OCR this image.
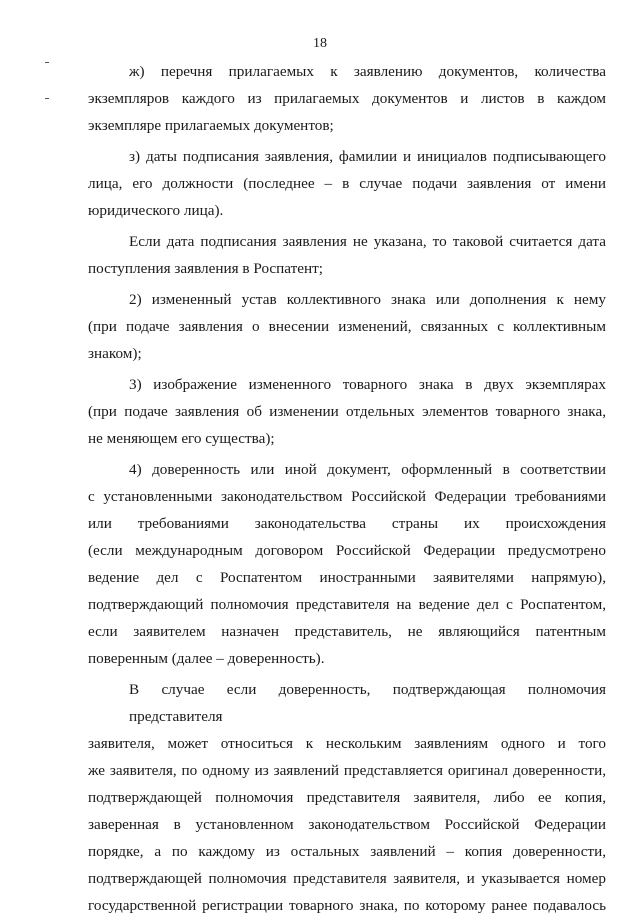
18

ж) перечня прилагаемых к заявлению документов, количества
экземпляров каждого из прилагаемых документов и листов в каждом
экземпляре прилагаемых документов;

з) даты подписания заявления, фамилии и инициалов подписывающего
лица, его должности (последнее – в случае подачи заявления от имени
юридического лица).

Если дата подписания заявления не указана, то таковой считается дата
поступления заявления в Роспатент;

2) измененный устав коллективного знака или дополнения к нему
(при подаче заявления о внесении изменений, связанных с коллективным
знаком);

3) изображение измененного товарного знака в двух экземплярах
(при подаче заявления об изменении отдельных элементов товарного знака,
не меняющем его существа);

4) доверенность или иной документ, оформленный в соответствии
с установленными законодательством Российской Федерации требованиями
или требованиями законодательства страны их происхождения
(если международным договором Российской Федерации предусмотрено
ведение дел с Роспатентом иностранными заявителями напрямую),
подтверждающий полномочия представителя на ведение дел с Роспатентом,
если заявителем назначен представитель, не являющийся патентным
поверенным (далее – доверенность).

В случае если доверенность, подтверждающая полномочия представителя
заявителя, может относиться к нескольким заявлениям одного и того
же заявителя, по одному из заявлений представляется оригинал доверенности,
подтверждающей полномочия представителя заявителя, либо ее копия,
заверенная в установленном законодательством Российской Федерации
порядке, а по каждому из остальных заявлений – копия доверенности,
подтверждающей полномочия представителя заявителя, и указывается номер
государственной регистрации товарного знака, по которому ранее подавалось
